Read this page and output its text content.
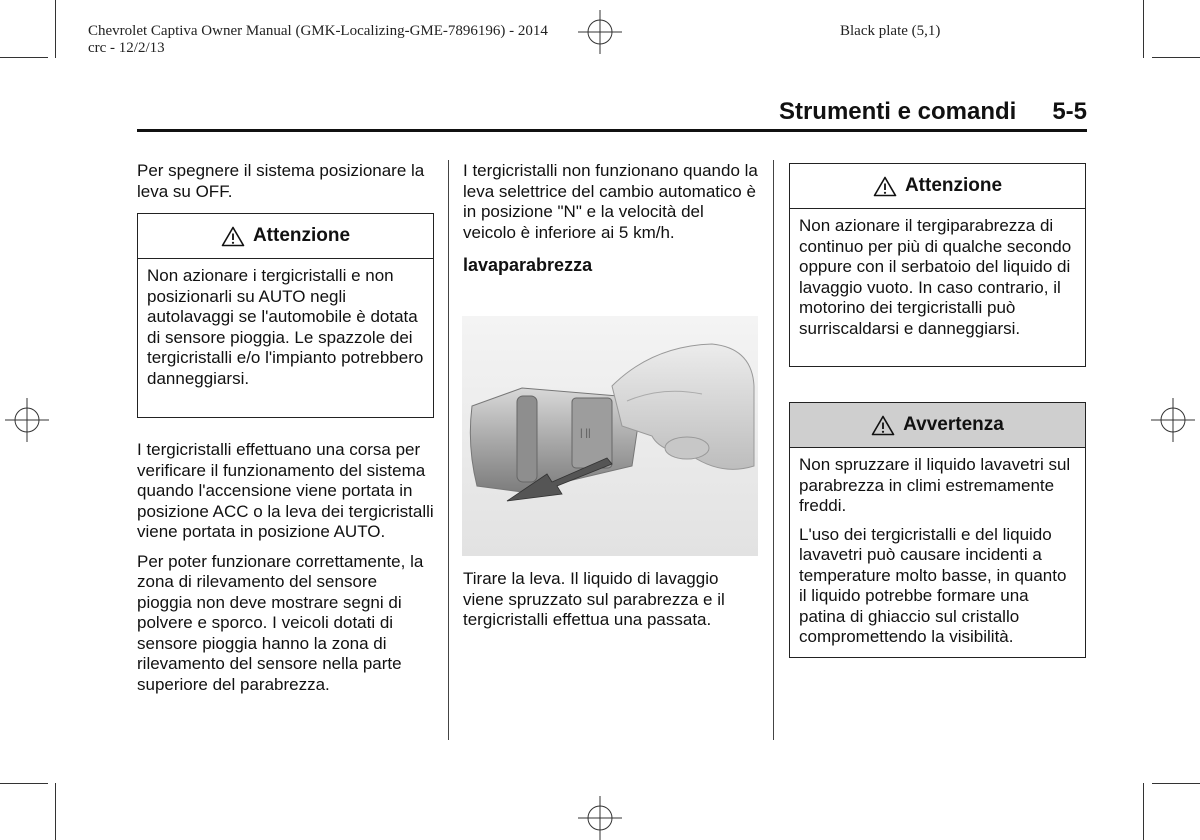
Chevrolet Captiva Owner Manual (GMK-Localizing-GME-7896196) - 2014
crc - 12/2/13
Black plate (5,1)
Strumenti e comandi 5-5

Per spegnere il sistema posizionare la leva su OFF.

Attenzione

Non azionare i tergicristalli e non posizionarli su AUTO negli autolavaggi se l'automobile è dotata di sensore pioggia. Le spazzole dei tergicristalli e/o l'impianto potrebbero danneggiarsi.

I tergicristalli effettuano una corsa per verificare il funzionamento del sistema quando l'accensione viene portata in posizione ACC o la leva dei tergicristalli viene portata in posizione AUTO.

Per poter funzionare correttamente, la zona di rilevamento del sensore pioggia non deve mostrare segni di polvere e sporco. I veicoli dotati di sensore pioggia hanno la zona di rilevamento del sensore nella parte superiore del parabrezza.

I tergicristalli non funzionano quando la leva selettrice del cambio automatico è in posizione "N" e la velocità del veicolo è inferiore ai 5 km/h.

lavaparabrezza

| ||

Tirare la leva. Il liquido di lavaggio viene spruzzato sul parabrezza e il tergicristalli effettua una passata.

Attenzione

Non azionare il tergiparabrezza di continuo per più di qualche secondo oppure con il serbatoio del liquido di lavaggio vuoto. In caso contrario, il motorino dei tergicristalli può surriscaldarsi e danneggiarsi.

Avvertenza

Non spruzzare il liquido lavavetri sul parabrezza in climi estremamente freddi.

L'uso dei tergicristalli e del liquido lavavetri può causare incidenti a temperature molto basse, in quanto il liquido potrebbe formare una patina di ghiaccio sul cristallo compromettendo la visibilità.
